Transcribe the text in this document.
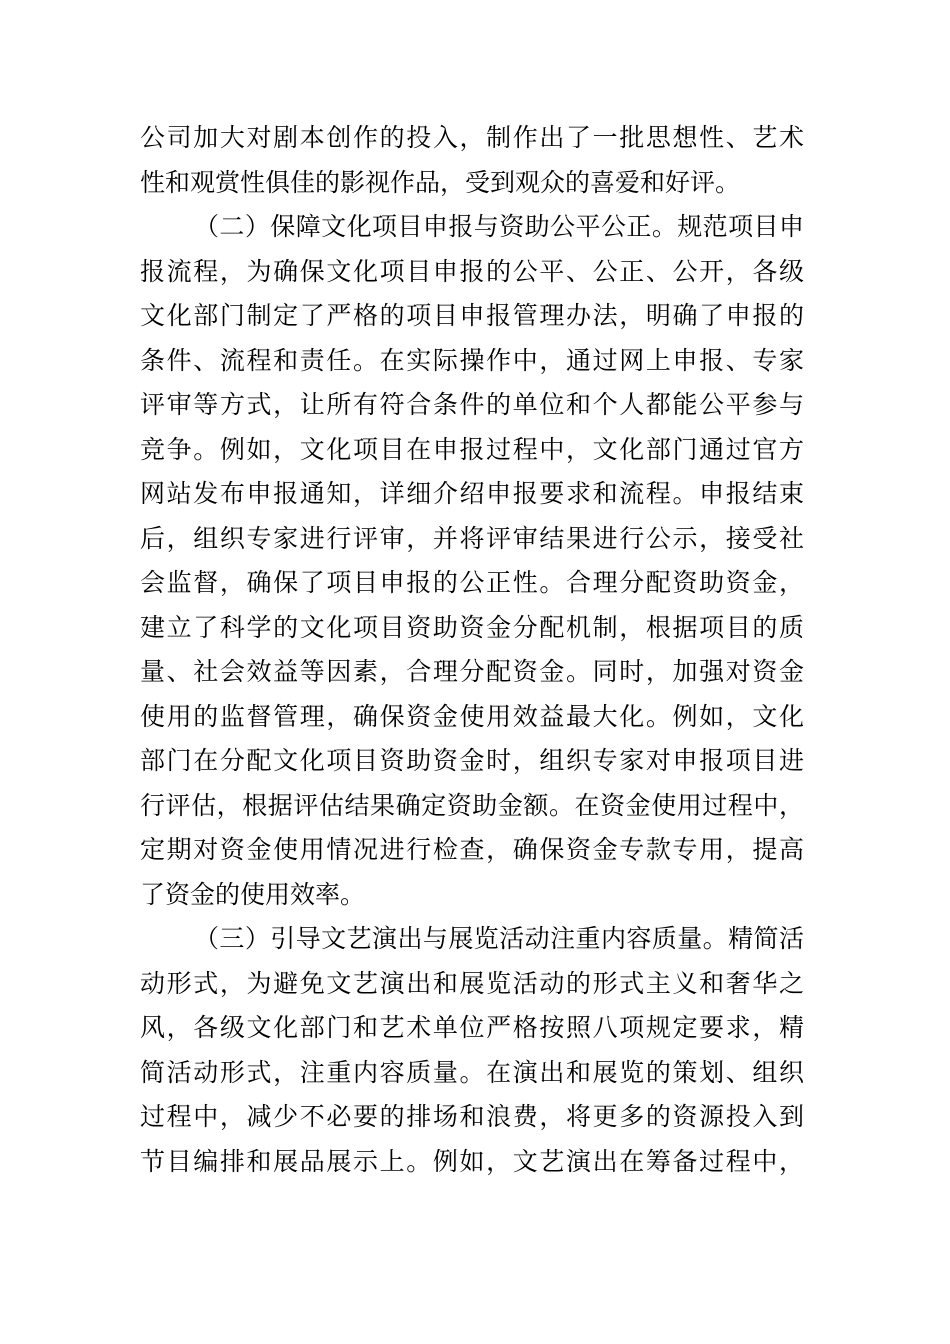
公司加大对剧本创作的投入，制作出了一批思想性、艺术
性和观赏性俱佳的影视作品，受到观众的喜爱和好评。
（二）保障文化项目申报与资助公平公正。规范项目申
报流程，为确保文化项目申报的公平、公正、公开，各级
文化部门制定了严格的项目申报管理办法，明确了申报的
条件、流程和责任。在实际操作中，通过网上申报、专家
评审等方式，让所有符合条件的单位和个人都能公平参与
竞争。例如，文化项目在申报过程中，文化部门通过官方
网站发布申报通知，详细介绍申报要求和流程。申报结束
后，组织专家进行评审，并将评审结果进行公示，接受社
会监督，确保了项目申报的公正性。合理分配资助资金，
建立了科学的文化项目资助资金分配机制，根据项目的质
量、社会效益等因素，合理分配资金。同时，加强对资金
使用的监督管理，确保资金使用效益最大化。例如，文化
部门在分配文化项目资助资金时，组织专家对申报项目进
行评估，根据评估结果确定资助金额。在资金使用过程中，
定期对资金使用情况进行检查，确保资金专款专用，提高
了资金的使用效率。
（三）引导文艺演出与展览活动注重内容质量。精简活
动形式，为避免文艺演出和展览活动的形式主义和奢华之
风，各级文化部门和艺术单位严格按照八项规定要求，精
简活动形式，注重内容质量。在演出和展览的策划、组织
过程中，减少不必要的排场和浪费，将更多的资源投入到
节目编排和展品展示上。例如，文艺演出在筹备过程中，
